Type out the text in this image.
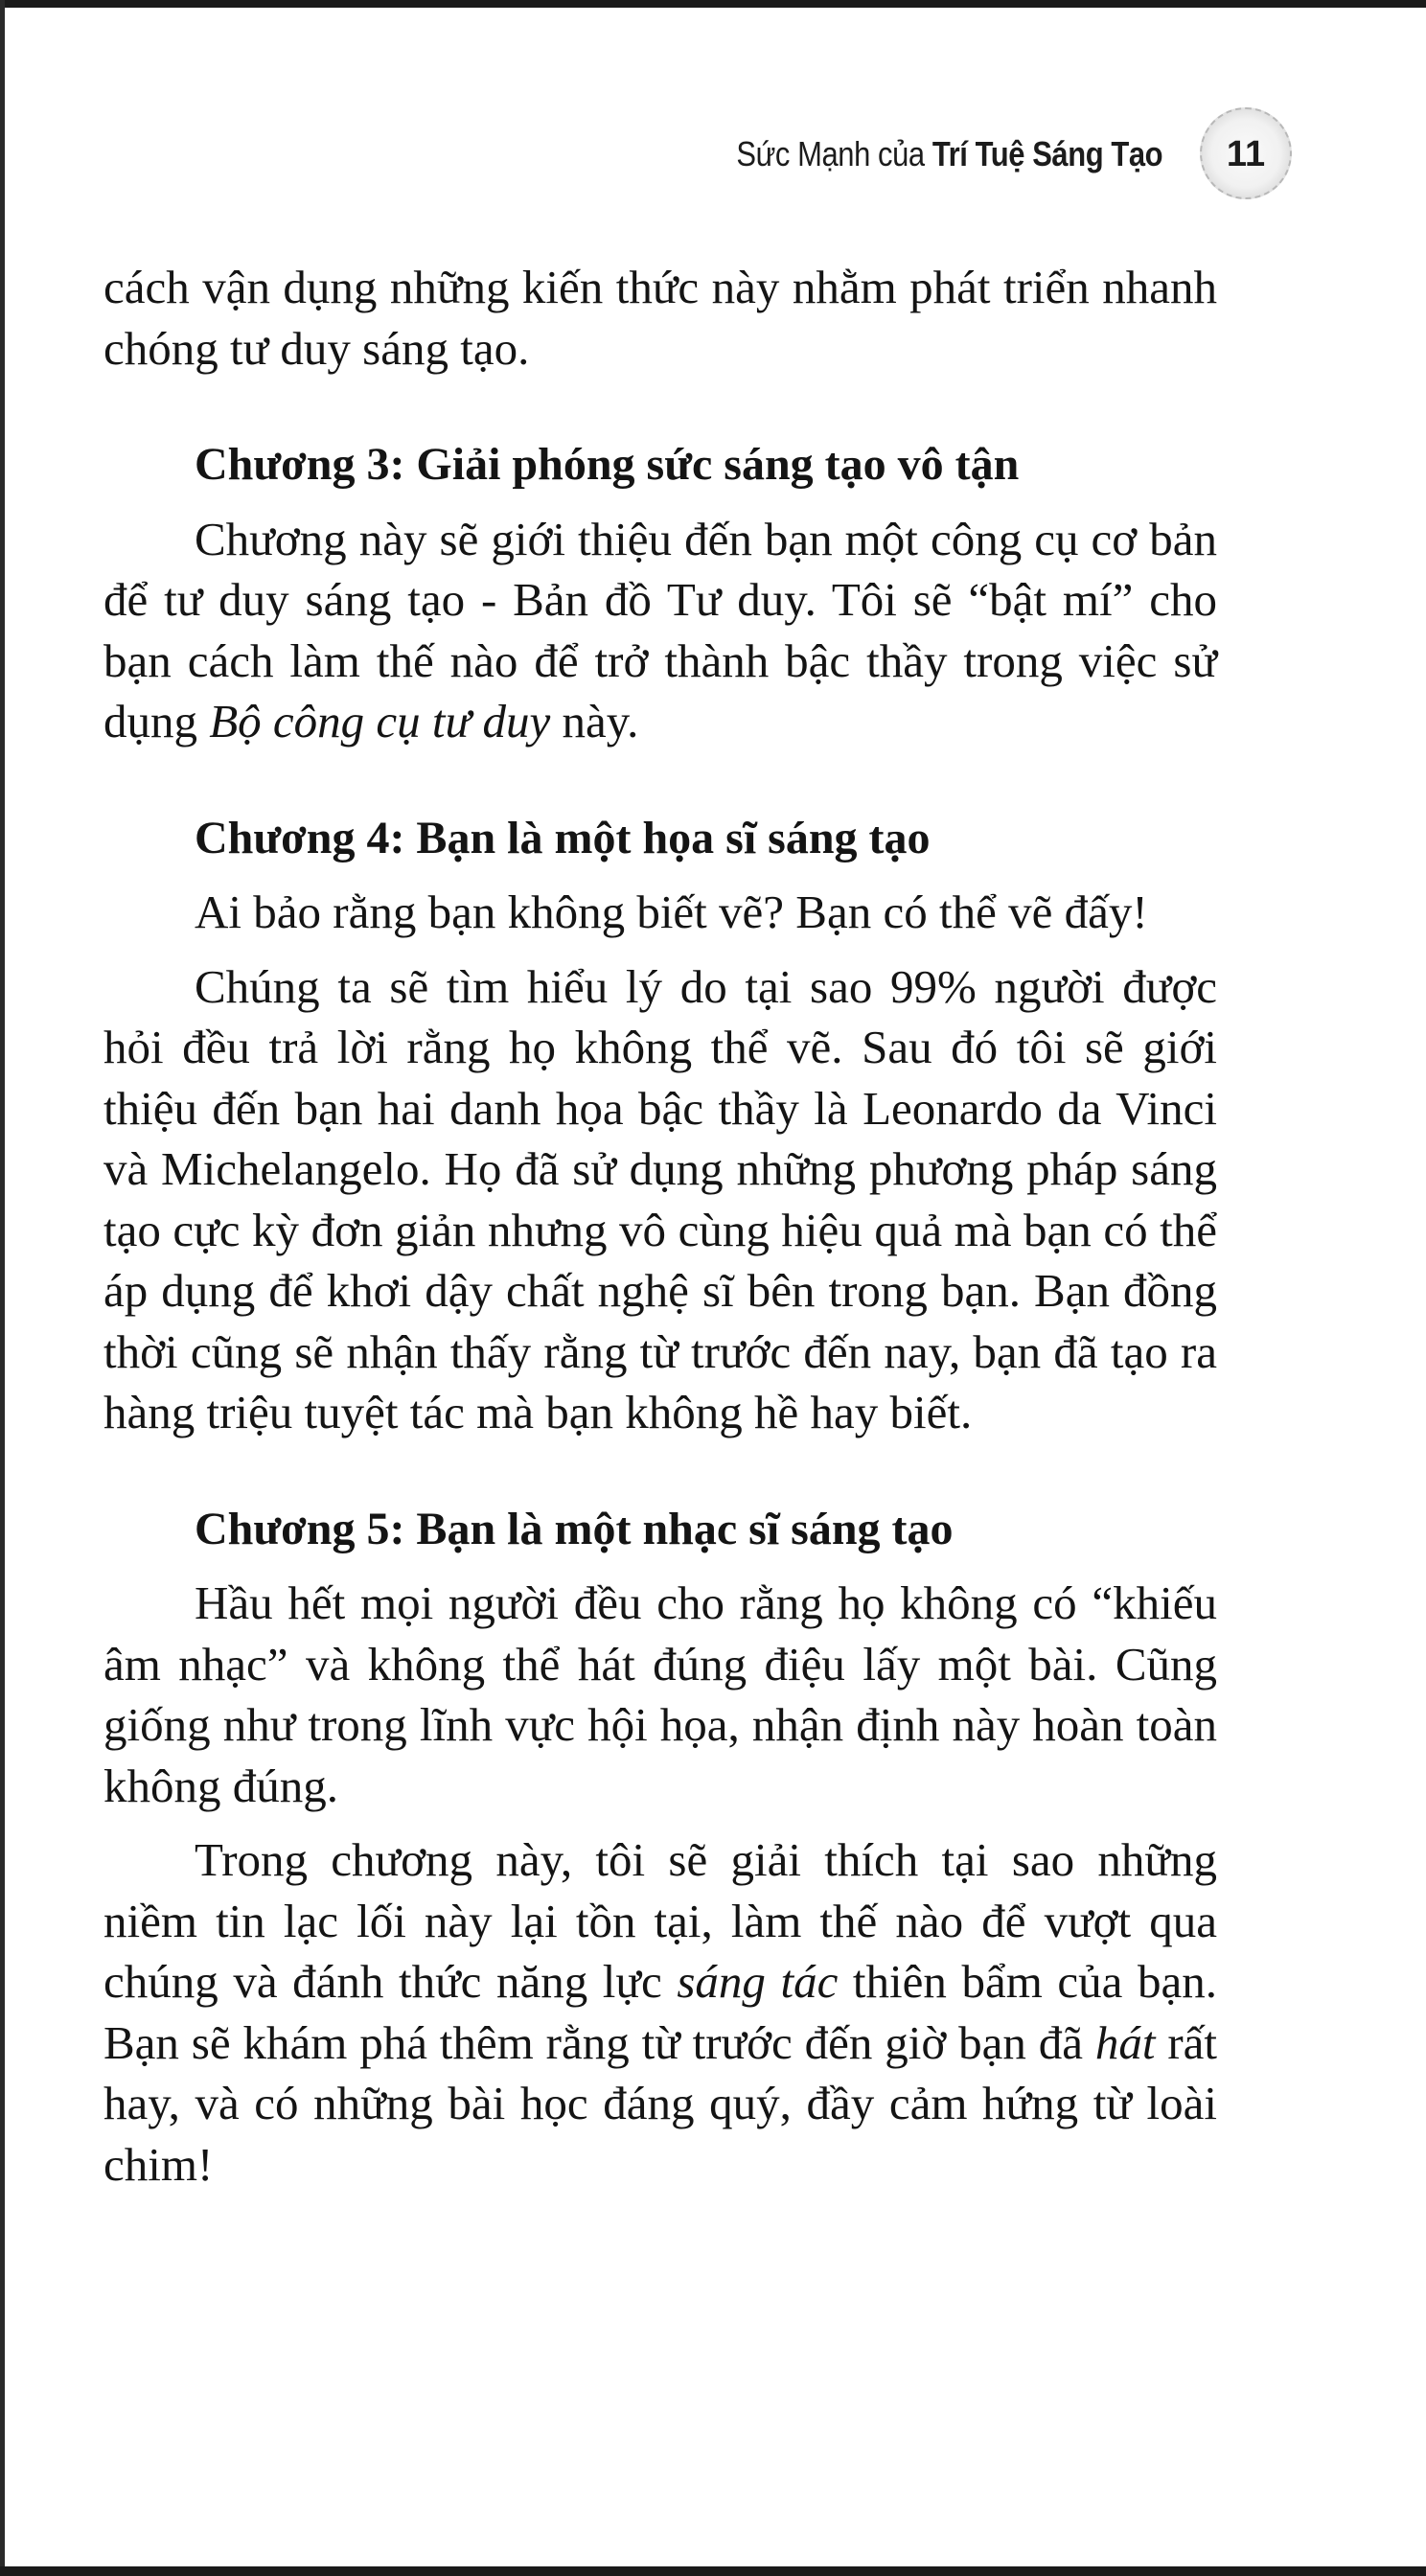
Sức Mạnh của Trí Tuệ Sáng Tạo	11

cách vận dụng những kiến thức này nhằm phát triển nhanh chóng tư duy sáng tạo.

Chương 3: Giải phóng sức sáng tạo vô tận

Chương này sẽ giới thiệu đến bạn một công cụ cơ bản để tư duy sáng tạo - Bản đồ Tư duy. Tôi sẽ “bật mí” cho bạn cách làm thế nào để trở thành bậc thầy trong việc sử dụng Bộ công cụ tư duy này.

Chương 4: Bạn là một họa sĩ sáng tạo

Ai bảo rằng bạn không biết vẽ? Bạn có thể vẽ đấy!

Chúng ta sẽ tìm hiểu lý do tại sao 99% người được hỏi đều trả lời rằng họ không thể vẽ. Sau đó tôi sẽ giới thiệu đến bạn hai danh họa bậc thầy là Leonardo da Vinci và Michelangelo. Họ đã sử dụng những phương pháp sáng tạo cực kỳ đơn giản nhưng vô cùng hiệu quả mà bạn có thể áp dụng để khơi dậy chất nghệ sĩ bên trong bạn. Bạn đồng thời cũng sẽ nhận thấy rằng từ trước đến nay, bạn đã tạo ra hàng triệu tuyệt tác mà bạn không hề hay biết.

Chương 5: Bạn là một nhạc sĩ sáng tạo

Hầu hết mọi người đều cho rằng họ không có “khiếu âm nhạc” và không thể hát đúng điệu lấy một bài. Cũng giống như trong lĩnh vực hội họa, nhận định này hoàn toàn không đúng.

Trong chương này, tôi sẽ giải thích tại sao những niềm tin lạc lối này lại tồn tại, làm thế nào để vượt qua chúng và đánh thức năng lực sáng tác thiên bẩm của bạn. Bạn sẽ khám phá thêm rằng từ trước đến giờ bạn đã hát rất hay, và có những bài học đáng quý, đầy cảm hứng từ loài chim!
